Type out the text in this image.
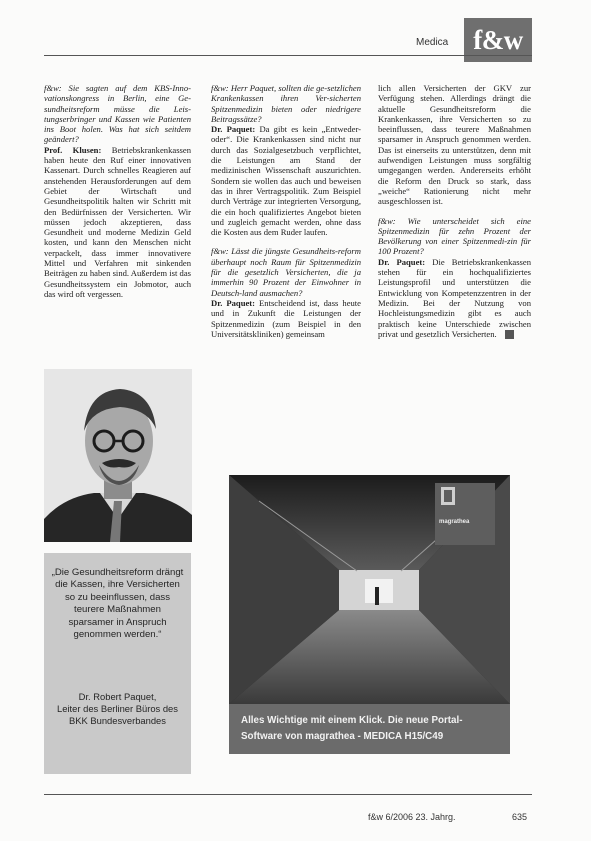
Medica f&w

f&w: Sie sagten auf dem KBS-Inno-vationskongress in Berlin, eine Ge-sundheitsreform müsse die Leis-tungserbringer und Kassen wie Patienten ins Boot holen. Was hat sich seitdem geändert?

Prof. Klusen: Betriebskrankenkassen haben heute den Ruf einer innovativen Kassenart. Durch schnelles Reagieren auf anstehenden Herausforderungen auf dem Gebiet der Wirtschaft und Gesundheitspolitik halten wir Schritt mit den Bedürfnissen der Versicherten. Wir müssen jedoch akzeptieren, dass Gesundheit und moderne Medizin Geld kosten, und kann den Menschen nicht verpackelt, dass immer innovativere Mittel und Verfahren mit sinkenden Beiträgen zu haben sind. Außerdem ist das Gesundheitssystem ein Jobmotor, auch das wird oft vergessen.

„Die Gesundheitsreform drängt die Kassen, ihre Versicherten so zu beeinflussen, dass teurere Maßnahmen sparsamer in Anspruch genommen werden.“
Dr. Robert Paquet,
Leiter des Berliner Büros des BKK Bundesverbandes

f&w: Herr Paquet, sollten die ge-setzlichen Krankenkassen ihren Ver-sicherten Spitzenmedizin bieten oder niedrigere Beitragssätze?

Dr. Paquet: Da gibt es kein „Entweder-oder“. Die Krankenkassen sind nicht nur durch das Sozialgesetzbuch verpflichtet, die Leistungen am Stand der medizinischen Wissenschaft auszurichten. Sondern sie wollen das auch und beweisen das in ihrer Vertragspolitik. Zum Beispiel durch Verträge zur integrierten Versorgung, die ein hoch qualifiziertes Angebot bieten und zugleich gemacht werden, ohne dass die Kosten aus dem Ruder laufen.

f&w: Lässt die jüngste Gesundheits-reform überhaupt noch Raum für Spitzenmedizin für die gesetzlich Versicherten, die ja immerhin 90 Prozent der Einwohner in Deutsch-land ausmachen?

Dr. Paquet: Entscheidend ist, dass heute und in Zukunft die Leistungen der Spitzenmedizin (zum Beispiel in den Universitätskliniken) gemeinsam

lich allen Versicherten der GKV zur Verfügung stehen. Allerdings drängt die aktuelle Gesundheitsreform die Krankenkassen, ihre Versicherten so zu beeinflussen, dass teurere Maßnahmen sparsamer in Anspruch genommen werden. Das ist einerseits zu unterstützen, denn mit aufwendigen Leistungen muss sorgfältig umgegangen werden. Andererseits erhöht die Reform den Druck so stark, dass „weiche“ Rationierung nicht mehr ausgeschlossen ist.

f&w: Wie unterscheidet sich eine Spitzenmedizin für zehn Prozent der Bevölkerung von einer Spitzenmedi-zin für 100 Prozent?

Dr. Paquet: Die Betriebskrankenkassen stehen für ein hochqualifiziertes Leistungsprofil und unterstützen die Entwicklung von Kompetenzzentren in der Medizin. Bei der Nutzung von Hochleistungsmedizin gibt es auch praktisch keine Unterschiede zwischen privat und gesetzlich Versicherten.

magrathea
Alles Wichtige mit einem Klick. Die neue Portal-
Software von magrathea - MEDICA H15/C49
f&w 6/2006 23. Jahrg.	635
